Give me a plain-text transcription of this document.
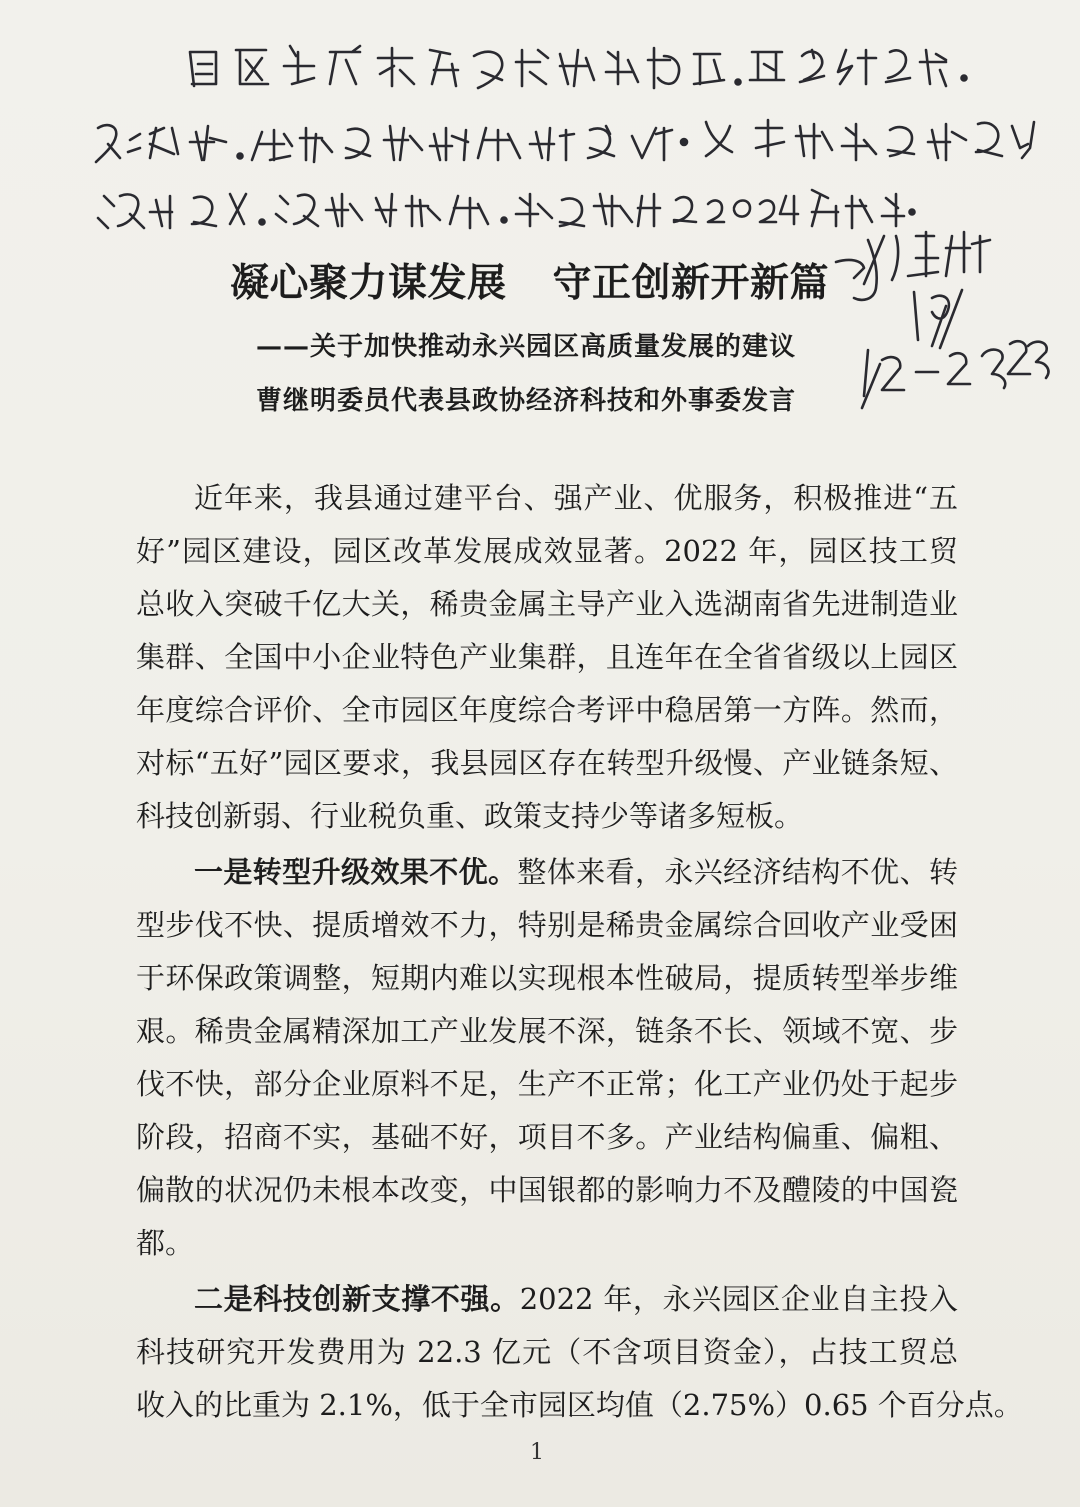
凝心聚力谋发展 守正创新开新篇
——关于加快推动永兴园区高质量发展的建议
曹继明委员代表县政协经济科技和外事委发言
近年来，我县通过建平台、强产业、优服务，积极推进“五
好”园区建设，园区改革发展成效显著。2022 年，园区技工贸
总收入突破千亿大关，稀贵金属主导产业入选湖南省先进制造业
集群、全国中小企业特色产业集群，且连年在全省省级以上园区
年度综合评价、全市园区年度综合考评中稳居第一方阵。然而，
对标“五好”园区要求，我县园区存在转型升级慢、产业链条短、
科技创新弱、行业税负重、政策支持少等诸多短板。
一是转型升级效果不优。整体来看，永兴经济结构不优、转
型步伐不快、提质增效不力，特别是稀贵金属综合回收产业受困
于环保政策调整，短期内难以实现根本性破局，提质转型举步维
艰。稀贵金属精深加工产业发展不深，链条不长、领域不宽、步
伐不快，部分企业原料不足，生产不正常；化工产业仍处于起步
阶段，招商不实，基础不好，项目不多。产业结构偏重、偏粗、
偏散的状况仍未根本改变，中国银都的影响力不及醴陵的中国瓷
都。
二是科技创新支撑不强。2022 年，永兴园区企业自主投入
科技研究开发费用为 22.3 亿元（不含项目资金），占技工贸总
收入的比重为 2.1%，低于全市园区均值（2.75%）0.65 个百分点。
1
